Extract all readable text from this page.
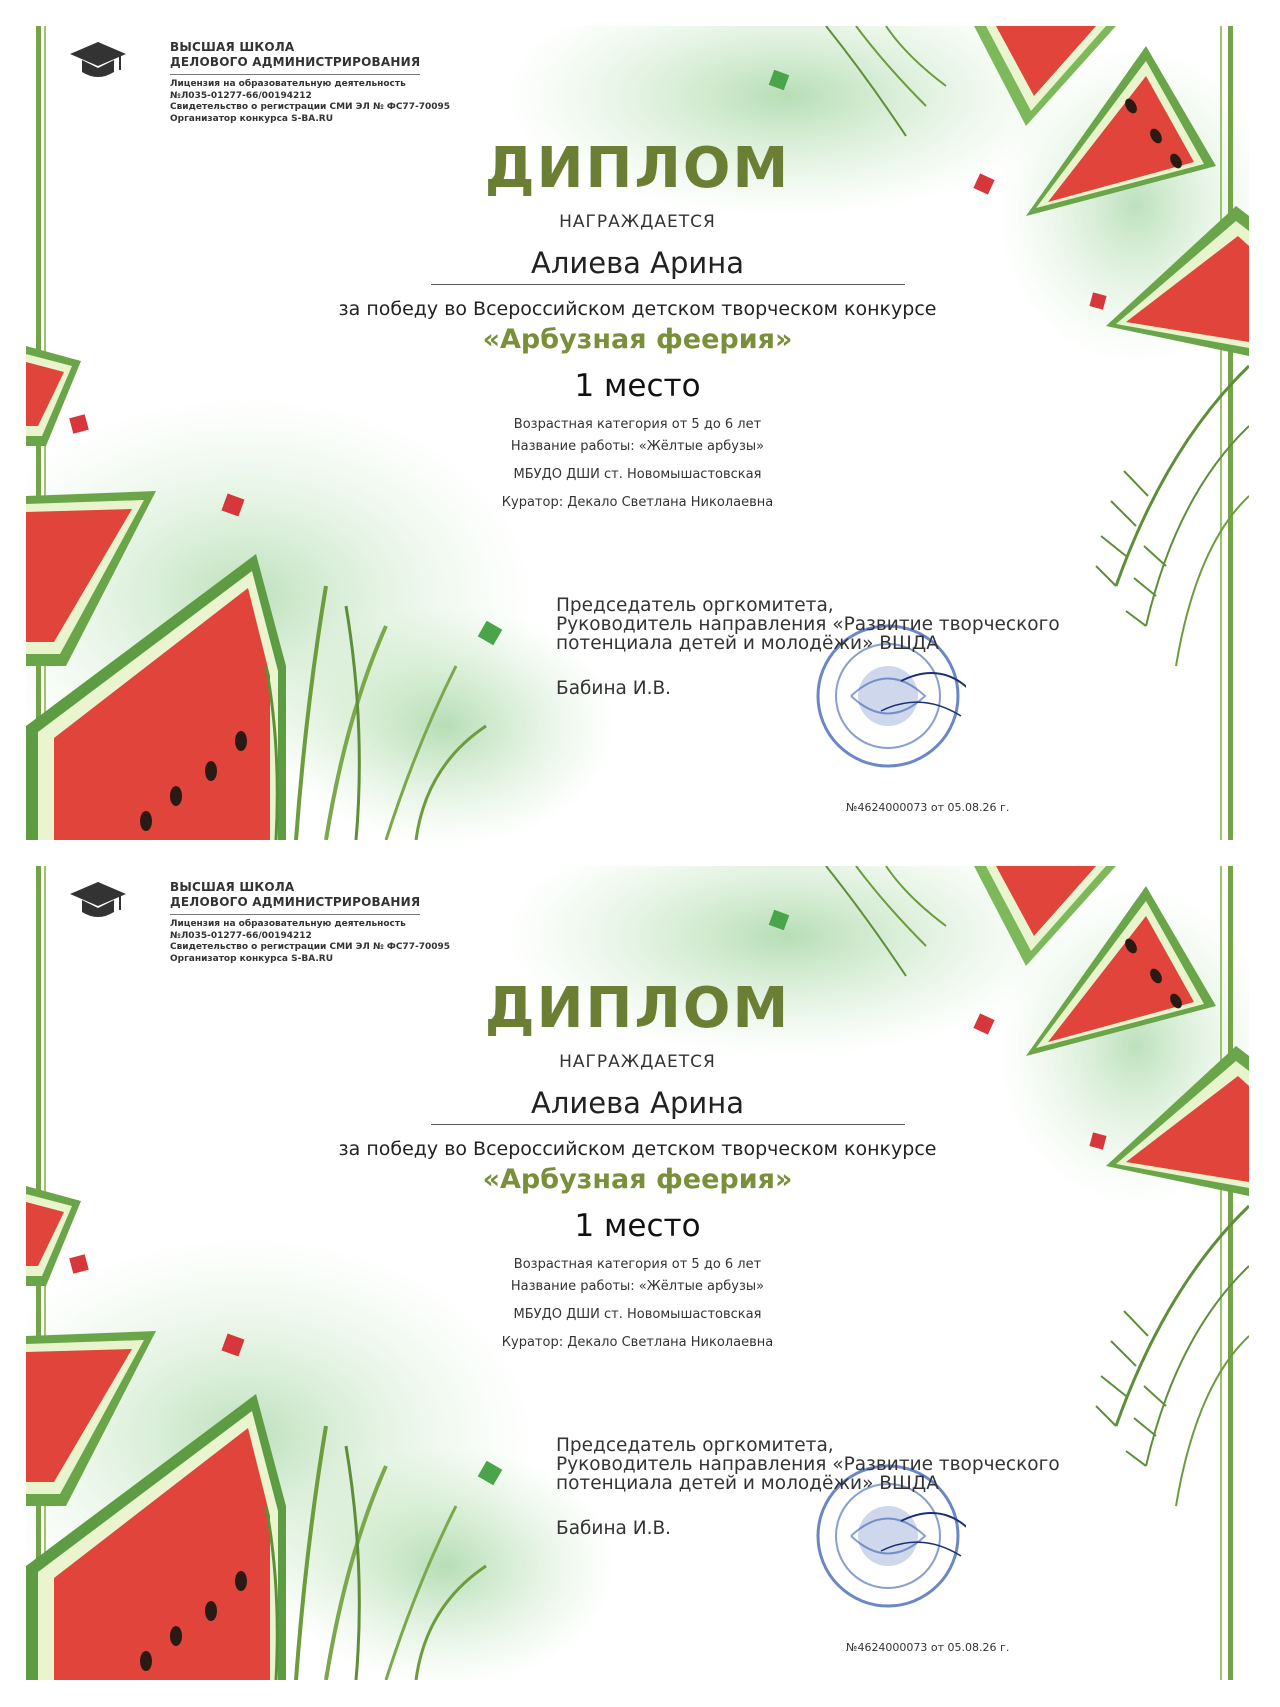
ВЫСШАЯ ШКОЛА
ДЕЛОВОГО АДМИНИСТРИРОВАНИЯ
Лицензия на образовательную деятельность
№Л035-01277-66/00194212
Свидетельство о регистрации СМИ ЭЛ № ФС77-70095
Организатор конкурса S-BA.RU
ДИПЛОМ
НАГРАЖДАЕТСЯ
Алиева Арина
за победу во Всероссийском детском творческом конкурсе
«Арбузная феерия»
1 место
Возрастная категория от 5 до 6 лет
Название работы: «Жёлтые арбузы»
МБУДО ДШИ ст. Новомышастовская
Куратор: Декало Светлана Николаевна
Председатель оргкомитета,
Руководитель направления «Развитие творческого
потенциала детей и молодёжи» ВШДА
Бабина И.В.
№4624000073 от 05.08.26 г.
ВЫСШАЯ ШКОЛА
ДЕЛОВОГО АДМИНИСТРИРОВАНИЯ
Лицензия на образовательную деятельность
№Л035-01277-66/00194212
Свидетельство о регистрации СМИ ЭЛ № ФС77-70095
Организатор конкурса S-BA.RU
ДИПЛОМ
НАГРАЖДАЕТСЯ
Алиева Арина
за победу во Всероссийском детском творческом конкурсе
«Арбузная феерия»
1 место
Возрастная категория от 5 до 6 лет
Название работы: «Жёлтые арбузы»
МБУДО ДШИ ст. Новомышастовская
Куратор: Декало Светлана Николаевна
Председатель оргкомитета,
Руководитель направления «Развитие творческого
потенциала детей и молодёжи» ВШДА
Бабина И.В.
№4624000073 от 05.08.26 г.
